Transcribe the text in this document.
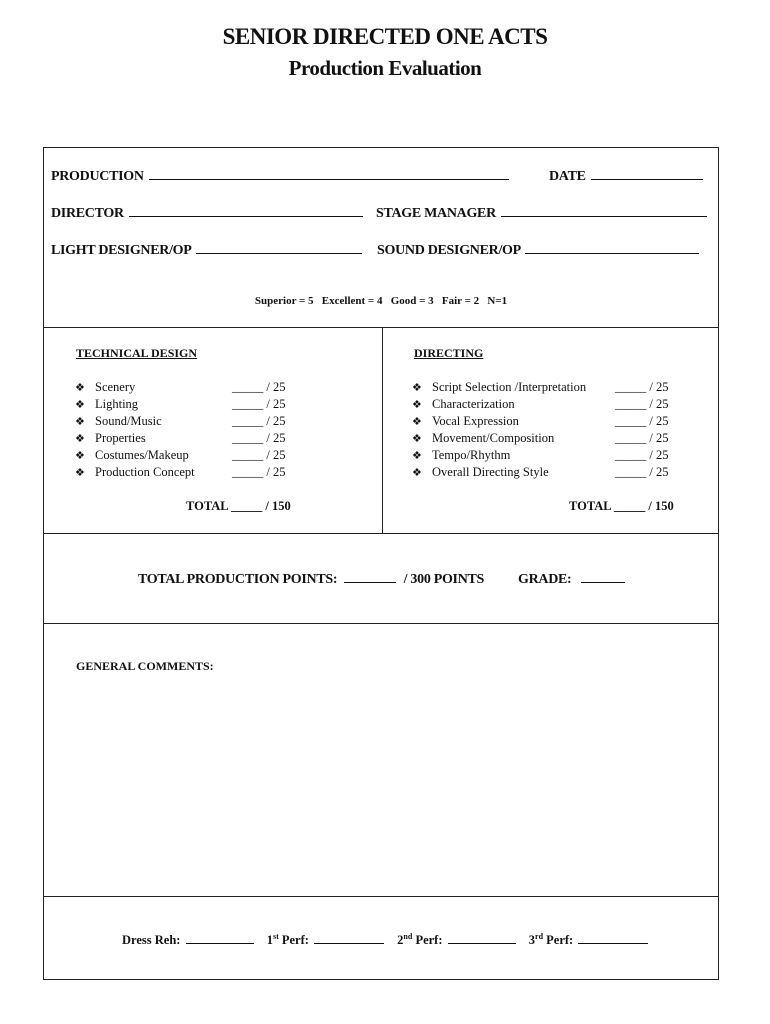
SENIOR DIRECTED ONE ACTS
Production Evaluation
PRODUCTION	DATE
DIRECTOR	STAGE MANAGER
LIGHT DESIGNER/OP	SOUND DESIGNER/OP
Superior = 5   Excellent = 4   Good = 3   Fair = 2   N=1
TECHNICAL DESIGN
❖ Scenery	_____ / 25
❖ Lighting	_____ / 25
❖ Sound/Music	_____ / 25
❖ Properties	_____ / 25
❖ Costumes/Makeup	_____ / 25
❖ Production Concept	_____ / 25
TOTAL _____ / 150
DIRECTING
❖ Script Selection /Interpretation _____ / 25
❖ Characterization	_____ / 25
❖ Vocal Expression	_____ / 25
❖ Movement/Composition	_____ / 25
❖ Tempo/Rhythm	_____ / 25
❖ Overall Directing Style	_____ / 25
TOTAL _____ / 150
TOTAL PRODUCTION POINTS:	/ 300 POINTS GRADE:
GENERAL COMMENTS:
Dress Reh:	1st Perf:	2nd Perf:	3rd Perf:
